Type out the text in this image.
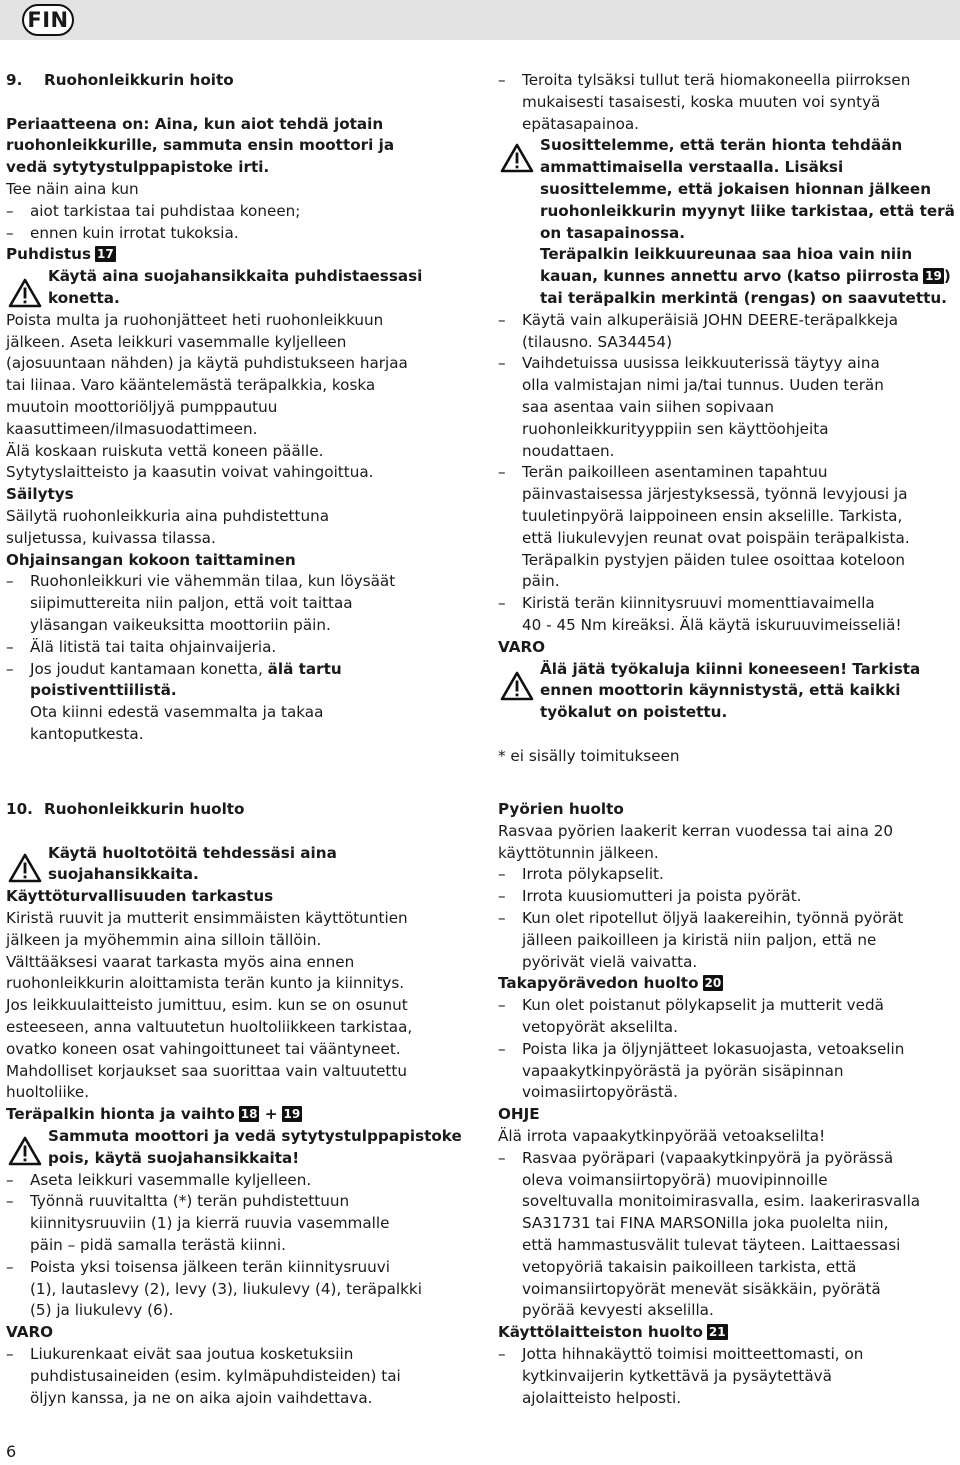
FIN
9. Ruohonleikkurin hoito
Periaatteena on: Aina, kun aiot tehdä jotain
ruohonleikkurille, sammuta ensin moottori ja
vedä sytytystulppapistoke irti.
Tee näin aina kun
– aiot tarkistaa tai puhdistaa koneen;
– ennen kuin irrotat tukoksia.
Puhdistus 17
Käytä aina suojahansikkaita puhdistaessasi
konetta.
Poista multa ja ruohonjätteet heti ruohonleikkuun
jälkeen. Aseta leikkuri vasemmalle kyljelleen
(ajosuuntaan nähden) ja käytä puhdistukseen harjaa
tai liinaa. Varo kääntelemästä teräpalkkia, koska
muutoin moottoriöljyä pumppautuu
kaasuttimeen/ilmasuodattimeen.
Älä koskaan ruiskuta vettä koneen päälle.
Sytytyslaitteisto ja kaasutin voivat vahingoittua.
Säilytys
Säilytä ruohonleikkuria aina puhdistettuna
suljetussa, kuivassa tilassa.
Ohjainsangan kokoon taittaminen
– Ruohonleikkuri vie vähemmän tilaa, kun löysäät
siipimuttereita niin paljon, että voit taittaa
yläsangan vaikeuksitta moottoriin päin.
– Älä litistä tai taita ohjainvaijeria.
– Jos joudut kantamaan konetta, älä tartu
poistiventtiilistä.
Ota kiinni edestä vasemmalta ja takaa
kantoputkesta.
– Teroita tylsäksi tullut terä hiomakoneella piirroksen
mukaisesti tasaisesti, koska muuten voi syntyä
epätasapainoa.
Suosittelemme, että terän hionta tehdään
ammattimaisella verstaalla. Lisäksi
suosittelemme, että jokaisen hionnan jälkeen
ruohonleikkurin myynyt liike tarkistaa, että terä
on tasapainossa.
Teräpalkin leikkuureunaa saa hioa vain niin
kauan, kunnes annettu arvo (katso piirrosta 19 )
tai teräpalkin merkintä (rengas) on saavutettu.
– Käytä vain alkuperäisiä JOHN DEERE-teräpalkkeja
(tilausno. SA34454)
– Vaihdetuissa uusissa leikkuuterissä täytyy aina
olla valmistajan nimi ja/tai tunnus. Uuden terän
saa asentaa vain siihen sopivaan
ruohonleikkurityyppiin sen käyttöohjeita
noudattaen.
– Terän paikoilleen asentaminen tapahtuu
päinvastaisessa järjestyksessä, työnnä levyjousi ja
tuuletinpyörä laippoineen ensin akselille. Tarkista,
että liukulevyjen reunat ovat poispäin teräpalkista.
Teräpalkin pystyjen päiden tulee osoittaa koteloon
päin.
– Kiristä terän kiinnitysruuvi momenttiavaimella
40 - 45 Nm kireäksi. Älä käytä iskuruuvimeisseliä!
VARO
Älä jätä työkaluja kiinni koneeseen! Tarkista
ennen moottorin käynnistystä, että kaikki
työkalut on poistettu.
* ei sisälly toimitukseen
10. Ruohonleikkurin huolto
Käytä huoltotöitä tehdessäsi aina
suojahansikkaita.
Käyttöturvallisuuden tarkastus
Kiristä ruuvit ja mutterit ensimmäisten käyttötuntien
jälkeen ja myöhemmin aina silloin tällöin.
Välttääksesi vaarat tarkasta myös aina ennen
ruohonleikkurin aloittamista terän kunto ja kiinnitys.
Jos leikkuulaitteisto jumittuu, esim. kun se on osunut
esteeseen, anna valtuutetun huoltoliikkeen tarkistaa,
ovatko koneen osat vahingoittuneet tai vääntyneet.
Mahdolliset korjaukset saa suorittaa vain valtuutettu
huoltoliike.
Teräpalkin hionta ja vaihto 18 + 19
Sammuta moottori ja vedä sytytystulppapistoke
pois, käytä suojahansikkaita!
– Aseta leikkuri vasemmalle kyljelleen.
– Työnnä ruuvitaltta (*) terän puhdistettuun
kiinnitysruuviin (1) ja kierrä ruuvia vasemmalle
päin – pidä samalla terästä kiinni.
– Poista yksi toisensa jälkeen terän kiinnitysruuvi
(1), lautaslevy (2), levy (3), liukulevy (4), teräpalkki
(5) ja liukulevy (6).
VARO
– Liukurenkaat eivät saa joutua kosketuksiin
puhdistusaineiden (esim. kylmäpuhdisteiden) tai
öljyn kanssa, ja ne on aika ajoin vaihdettava.
Pyörien huolto
Rasvaa pyörien laakerit kerran vuodessa tai aina 20
käyttötunnin jälkeen.
– Irrota pölykapselit.
– Irrota kuusiomutteri ja poista pyörät.
– Kun olet ripotellut öljyä laakereihin, työnnä pyörät
jälleen paikoilleen ja kiristä niin paljon, että ne
pyörivät vielä vaivatta.
Takapyörävedon huolto 20
– Kun olet poistanut pölykapselit ja mutterit vedä
vetopyörät akselilta.
– Poista lika ja öljynjätteet lokasuojasta, vetoakselin
vapaakytkinpyörästä ja pyörän sisäpinnan
voimasiirtopyörästä.
OHJE
Älä irrota vapaakytkinpyörää vetoakselilta!
– Rasvaa pyöräpari (vapaakytkinpyörä ja pyörässä
oleva voimansiirtopyörä) muovipinnoille
soveltuvalla monitoimirasvalla, esim. laakerirasvalla
SA31731 tai FINA MARSONilla joka puolelta niin,
että hammastusvälit tulevat täyteen. Laittaessasi
vetopyöriä takaisin paikoilleen tarkista, että
voimansiirtopyörät menevät sisäkkäin, pyörätä
pyörää kevyesti akselilla.
Käyttölaitteiston huolto 21
– Jotta hihnakäyttö toimisi moitteettomasti, on
kytkinvaijerin kytkettävä ja pysäytettävä
ajolaitteisto helposti.
6
